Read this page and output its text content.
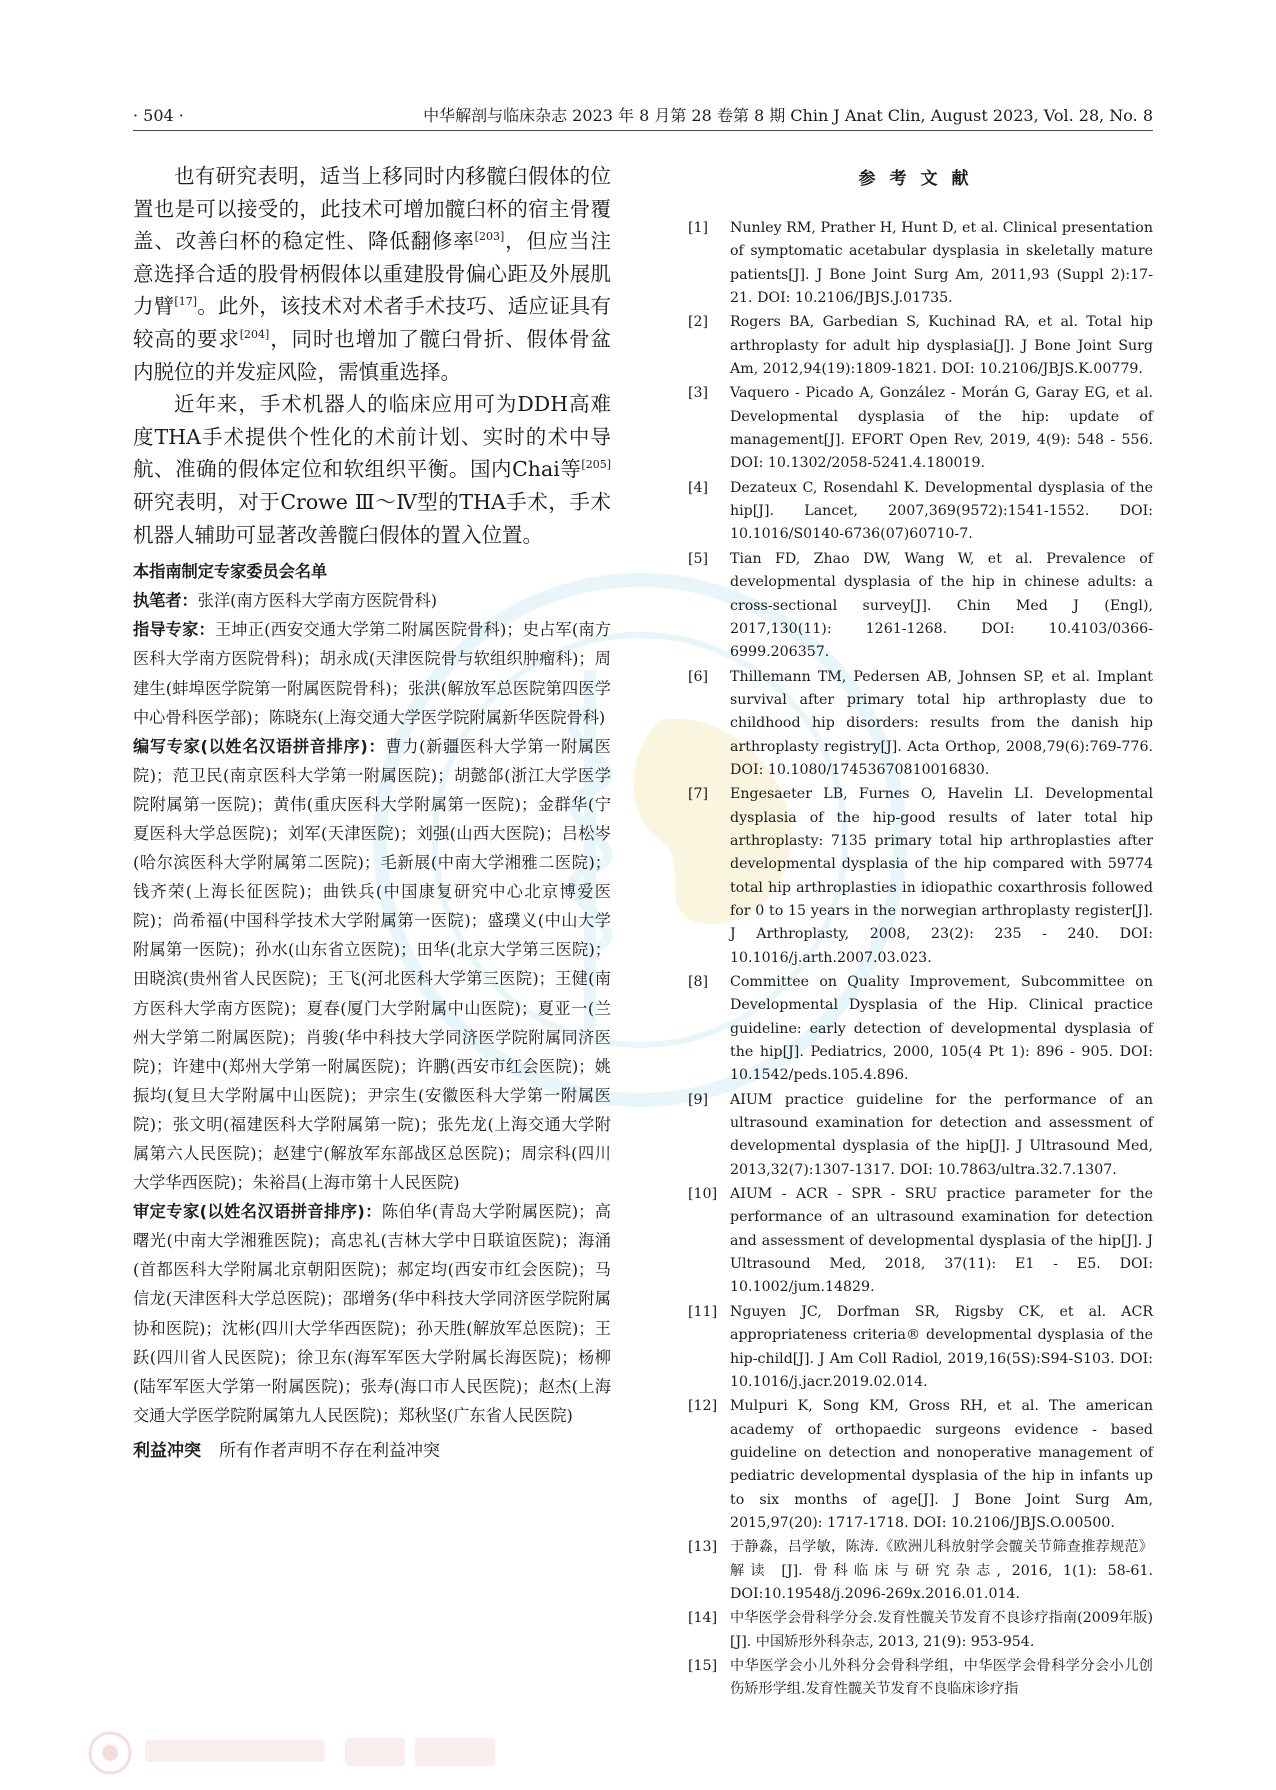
· 504 ·	中华解剖与临床杂志 2023 年 8 月第 28 卷第 8 期 Chin J Anat Clin, August 2023, Vol. 28, No. 8

也有研究表明，适当上移同时内移髋臼假体的位置也是可以接受的，此技术可增加髋臼杯的宿主骨覆盖、改善臼杯的稳定性、降低翻修率[203]，但应当注意选择合适的股骨柄假体以重建股骨偏心距及外展肌力臂[17]。此外，该技术对术者手术技巧、适应证具有较高的要求[204]，同时也增加了髋臼骨折、假体骨盆内脱位的并发症风险，需慎重选择。

近年来，手术机器人的临床应用可为DDH高难度THA手术提供个性化的术前计划、实时的术中导航、准确的假体定位和软组织平衡。国内Chai等[205]研究表明，对于Crowe Ⅲ～Ⅳ型的THA手术，手术机器人辅助可显著改善髋臼假体的置入位置。

本指南制定专家委员会名单

执笔者：张洋(南方医科大学南方医院骨科)

指导专家：王坤正(西安交通大学第二附属医院骨科)；史占军(南方医科大学南方医院骨科)；胡永成(天津医院骨与软组织肿瘤科)；周建生(蚌埠医学院第一附属医院骨科)；张洪(解放军总医院第四医学中心骨科医学部)；陈晓东(上海交通大学医学院附属新华医院骨科)

编写专家(以姓名汉语拼音排序)：曹力(新疆医科大学第一附属医院)；范卫民(南京医科大学第一附属医院)；胡懿郃(浙江大学医学院附属第一医院)；黄伟(重庆医科大学附属第一医院)；金群华(宁夏医科大学总医院)；刘军(天津医院)；刘强(山西大医院)；吕松岑(哈尔滨医科大学附属第二医院)；毛新展(中南大学湘雅二医院)；钱齐荣(上海长征医院)；曲铁兵(中国康复研究中心北京博爱医院)；尚希福(中国科学技术大学附属第一医院)；盛璞义(中山大学附属第一医院)；孙水(山东省立医院)；田华(北京大学第三医院)；田晓滨(贵州省人民医院)；王飞(河北医科大学第三医院)；王健(南方医科大学南方医院)；夏春(厦门大学附属中山医院)；夏亚一(兰州大学第二附属医院)；肖骏(华中科技大学同济医学院附属同济医院)；许建中(郑州大学第一附属医院)；许鹏(西安市红会医院)；姚振均(复旦大学附属中山医院)；尹宗生(安徽医科大学第一附属医院)；张文明(福建医科大学附属第一院)；张先龙(上海交通大学附属第六人民医院)；赵建宁(解放军东部战区总医院)；周宗科(四川大学华西医院)；朱裕昌(上海市第十人民医院)

审定专家(以姓名汉语拼音排序)：陈伯华(青岛大学附属医院)；高曙光(中南大学湘雅医院)；高忠礼(吉林大学中日联谊医院)；海涌(首都医科大学附属北京朝阳医院)；郝定均(西安市红会医院)；马信龙(天津医科大学总医院)；邵增务(华中科技大学同济医学院附属协和医院)；沈彬(四川大学华西医院)；孙天胜(解放军总医院)；王跃(四川省人民医院)；徐卫东(海军军医大学附属长海医院)；杨柳(陆军军医大学第一附属医院)；张寿(海口市人民医院)；赵杰(上海交通大学医学院附属第九人民医院)；郑秋坚(广东省人民医院)

利益冲突 所有作者声明不存在利益冲突
参考文献
[1] Nunley RM, Prather H, Hunt D, et al. Clinical presentation of symptomatic acetabular dysplasia in skeletally mature patients[J]. J Bone Joint Surg Am, 2011,93 (Suppl 2):17-21. DOI: 10.2106/JBJS.J.01735.
[2] Rogers BA, Garbedian S, Kuchinad RA, et al. Total hip arthroplasty for adult hip dysplasia[J]. J Bone Joint Surg Am, 2012,94(19):1809-1821. DOI: 10.2106/JBJS.K.00779.
[3] Vaquero - Picado A, González - Morán G, Garay EG, et al. Developmental dysplasia of the hip: update of management[J]. EFORT Open Rev, 2019, 4(9): 548 - 556. DOI: 10.1302/2058-5241.4.180019.
[4] Dezateux C, Rosendahl K. Developmental dysplasia of the hip[J]. Lancet, 2007,369(9572):1541-1552. DOI: 10.1016/S0140-6736(07)60710-7.
[5] Tian FD, Zhao DW, Wang W, et al. Prevalence of developmental dysplasia of the hip in chinese adults: a cross-sectional survey[J]. Chin Med J (Engl), 2017,130(11): 1261-1268. DOI: 10.4103/0366-6999.206357.
[6] Thillemann TM, Pedersen AB, Johnsen SP, et al. Implant survival after primary total hip arthroplasty due to childhood hip disorders: results from the danish hip arthroplasty registry[J]. Acta Orthop, 2008,79(6):769-776. DOI: 10.1080/17453670810016830.
[7] Engesaeter LB, Furnes O, Havelin LI. Developmental dysplasia of the hip-good results of later total hip arthroplasty: 7135 primary total hip arthroplasties after developmental dysplasia of the hip compared with 59774 total hip arthroplasties in idiopathic coxarthrosis followed for 0 to 15 years in the norwegian arthroplasty register[J]. J Arthroplasty, 2008, 23(2): 235 - 240. DOI: 10.1016/j.arth.2007.03.023.
[8] Committee on Quality Improvement, Subcommittee on Developmental Dysplasia of the Hip. Clinical practice guideline: early detection of developmental dysplasia of the hip[J]. Pediatrics, 2000, 105(4 Pt 1): 896 - 905. DOI: 10.1542/peds.105.4.896.
[9] AIUM practice guideline for the performance of an ultrasound examination for detection and assessment of developmental dysplasia of the hip[J]. J Ultrasound Med, 2013,32(7):1307-1317. DOI: 10.7863/ultra.32.7.1307.
[10] AIUM - ACR - SPR - SRU practice parameter for the performance of an ultrasound examination for detection and assessment of developmental dysplasia of the hip[J]. J Ultrasound Med, 2018, 37(11): E1 - E5. DOI: 10.1002/jum.14829.
[11] Nguyen JC, Dorfman SR, Rigsby CK, et al. ACR appropriateness criteria® developmental dysplasia of the hip-child[J]. J Am Coll Radiol, 2019,16(5S):S94-S103. DOI: 10.1016/j.jacr.2019.02.014.
[12] Mulpuri K, Song KM, Gross RH, et al. The american academy of orthopaedic surgeons evidence - based guideline on detection and nonoperative management of pediatric developmental dysplasia of the hip in infants up to six months of age[J]. J Bone Joint Surg Am, 2015,97(20): 1717-1718. DOI: 10.2106/JBJS.O.00500.
[13] 于静淼，吕学敏，陈涛.《欧洲儿科放射学会髋关节筛查推荐规范》解读 [J]. 骨科临床与研究杂志, 2016, 1(1): 58-61. DOI:10.19548/j.2096-269x.2016.01.014.
[14] 中华医学会骨科学分会.发育性髋关节发育不良诊疗指南(2009年版)[J]. 中国矫形外科杂志, 2013, 21(9): 953-954.
[15] 中华医学会小儿外科分会骨科学组，中华医学会骨科学分会小儿创伤矫形学组.发育性髋关节发育不良临床诊疗指
